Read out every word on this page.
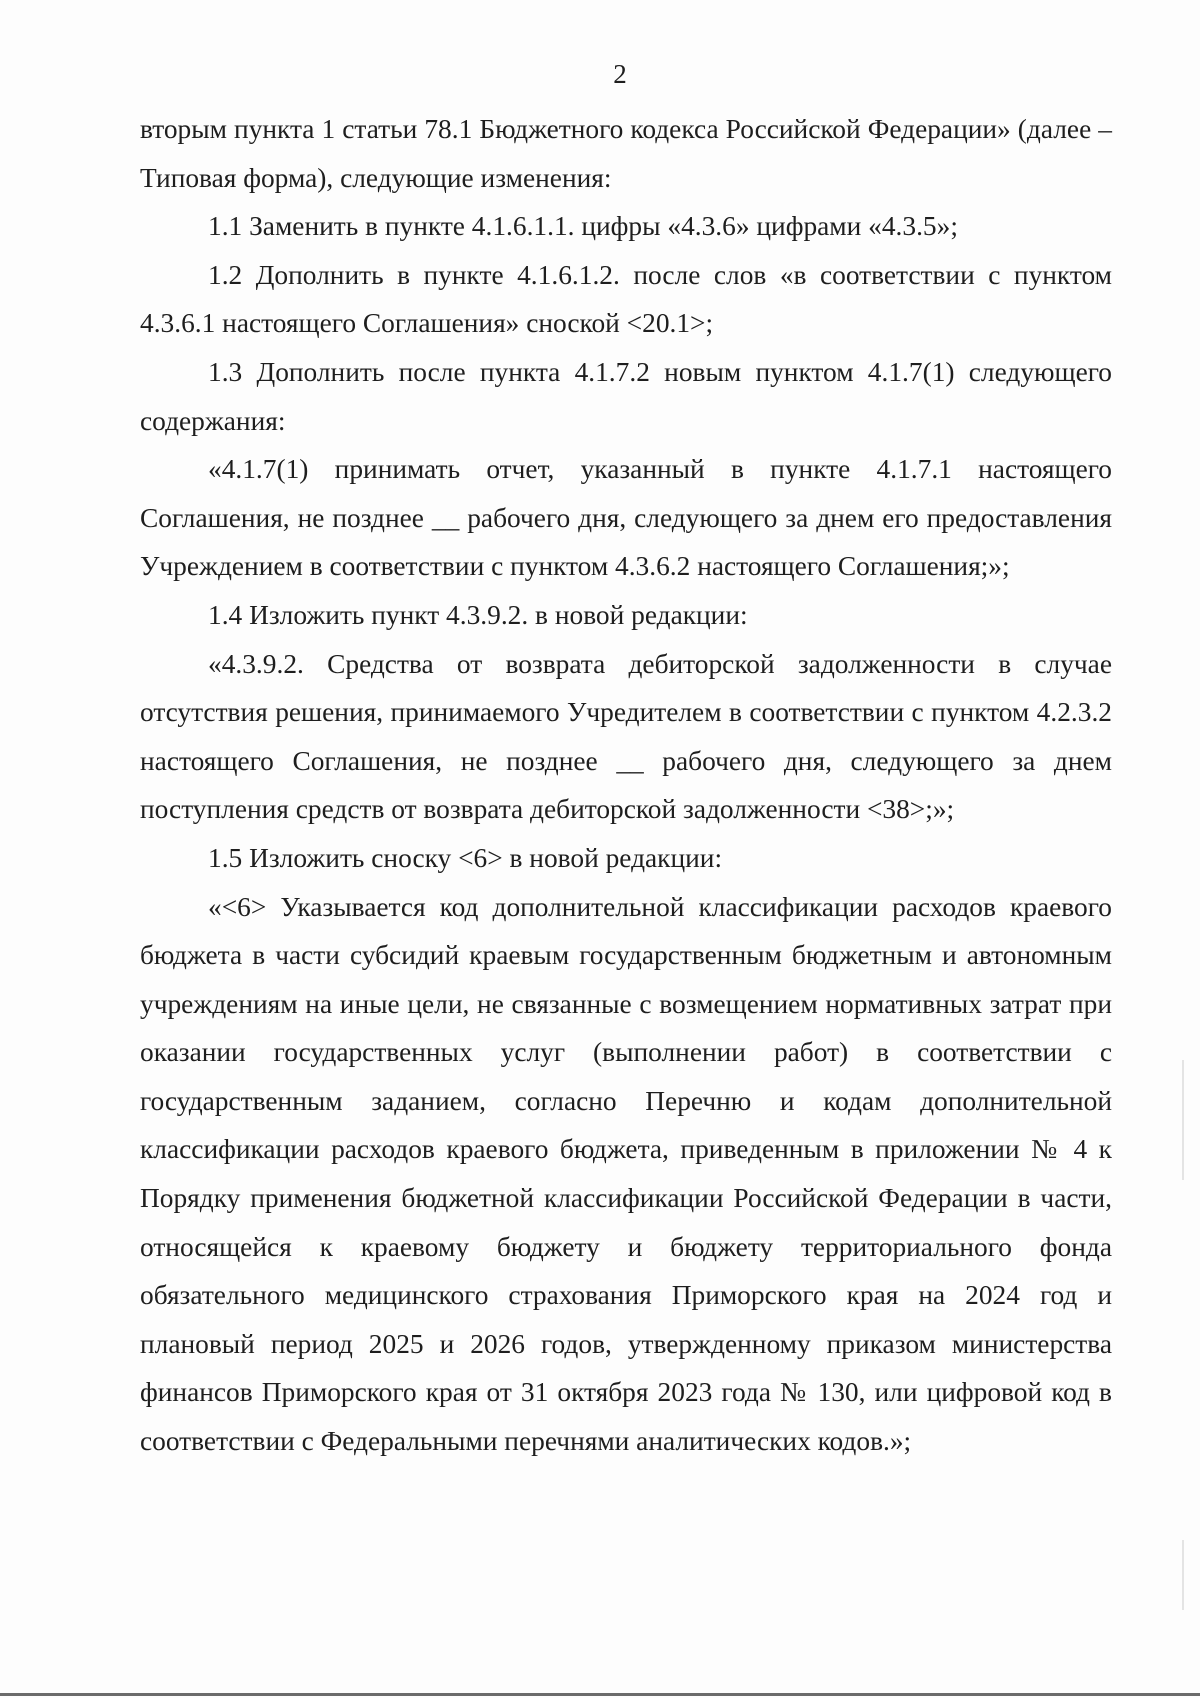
2

вторым пункта 1 статьи 78.1 Бюджетного кодекса Российской Федерации» (далее – Типовая форма), следующие изменения:

1.1 Заменить в пункте 4.1.6.1.1. цифры «4.3.6» цифрами «4.3.5»;

1.2 Дополнить в пункте 4.1.6.1.2. после слов «в соответствии с пунктом 4.3.6.1 настоящего Соглашения» сноской <20.1>;

1.3 Дополнить после пункта 4.1.7.2 новым пунктом 4.1.7(1) следующего содержания:

«4.1.7(1) принимать отчет, указанный в пункте 4.1.7.1 настоящего Соглашения, не позднее __ рабочего дня, следующего за днем его предоставления Учреждением в соответствии с пунктом 4.3.6.2 настоящего Соглашения;»;

1.4 Изложить пункт 4.3.9.2. в новой редакции:

«4.3.9.2. Средства от возврата дебиторской задолженности в случае отсутствия решения, принимаемого Учредителем в соответствии с пунктом 4.2.3.2 настоящего Соглашения, не позднее __ рабочего дня, следующего за днем поступления средств от возврата дебиторской задолженности <38>;»;

1.5 Изложить сноску <6> в новой редакции:

«<6> Указывается код дополнительной классификации расходов краевого бюджета в части субсидий краевым государственным бюджетным и автономным учреждениям на иные цели, не связанные с возмещением нормативных затрат при оказании государственных услуг (выполнении работ) в соответствии с государственным заданием, согласно Перечню и кодам дополнительной классификации расходов краевого бюджета, приведенным в приложении № 4 к Порядку применения бюджетной классификации Российской Федерации в части, относящейся к краевому бюджету и бюджету территориального фонда обязательного медицинского страхования Приморского края на 2024 год и плановый период 2025 и 2026 годов, утвержденному приказом министерства финансов Приморского края от 31 октября 2023 года № 130, или цифровой код в соответствии с Федеральными перечнями аналитических кодов.»;
